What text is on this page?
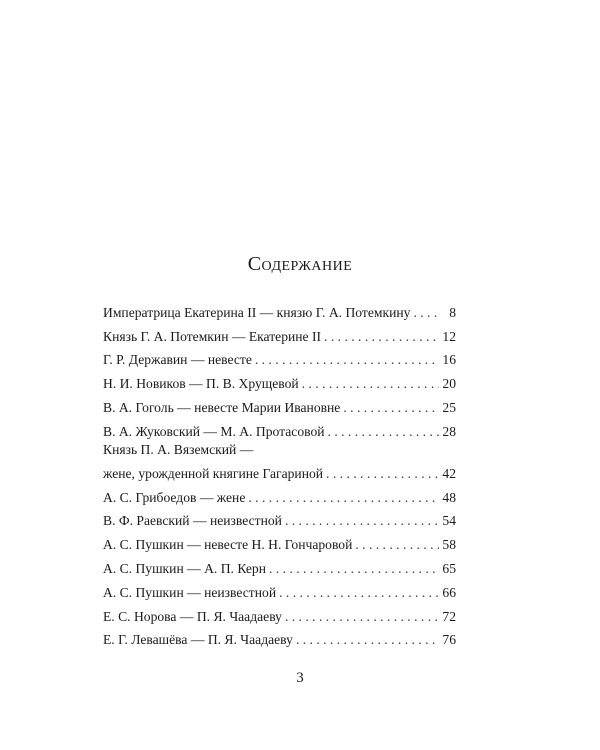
Содержание
Императрица Екатерина II — князю Г. А. Потемкину . . .	8
Князь Г. А. Потемкин — Екатерине II . . .	12
Г. Р. Державин — невесте . . .	16
Н. И. Новиков — П. В. Хрущевой . . .	20
В. А. Гоголь — невесте Марии Ивановне . . .	25
В. А. Жуковский — М. А. Протасовой . . .	28
Князь П. А. Вяземский —
жене, урожденной княгине Гагариной . . .	42
А. С. Грибоедов — жене . . .	48
В. Ф. Раевский — неизвестной . . .	54
А. С. Пушкин — невесте Н. Н. Гончаровой . . .	58
А. С. Пушкин — А. П. Керн . . .	65
А. С. Пушкин — неизвестной . . .	66
Е. С. Норова — П. Я. Чаадаеву . . .	72
Е. Г. Левашёва — П. Я. Чаадаеву . . .	76
3
